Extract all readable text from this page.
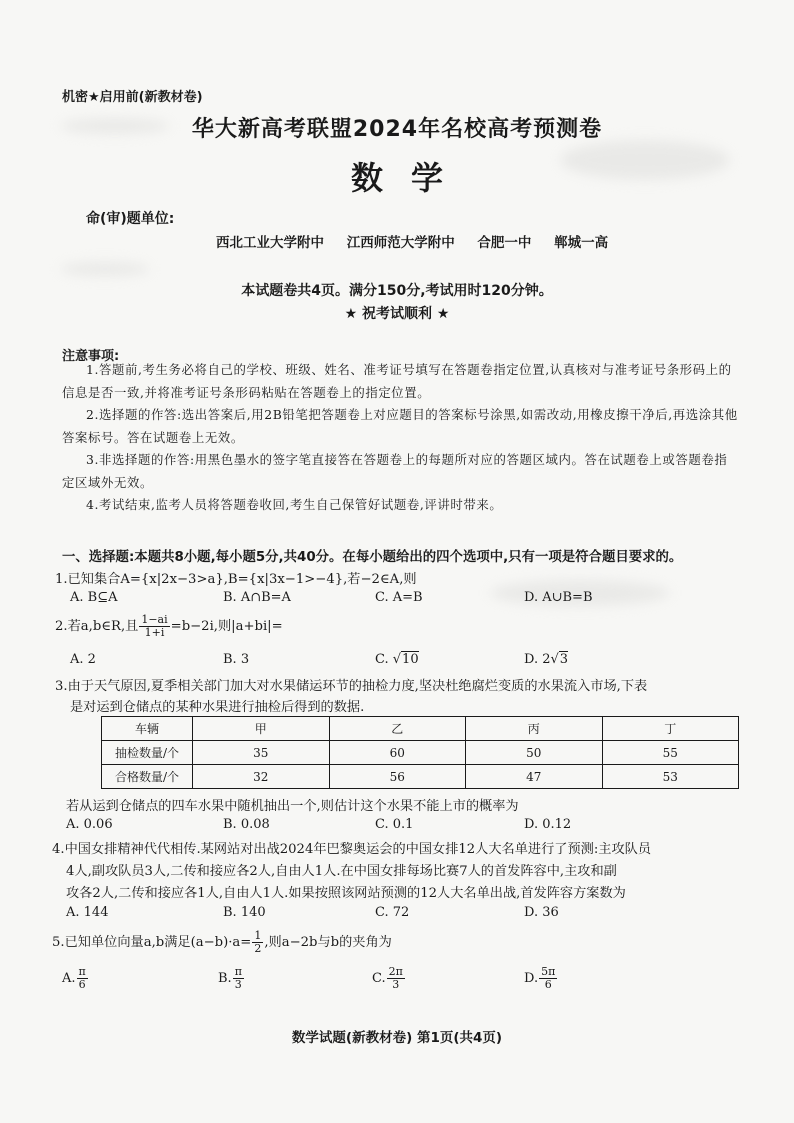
机密★启用前(新教材卷)
华大新高考联盟2024年名校高考预测卷
数学
命(审)题单位:
西北工业大学附中 江西师范大学附中 合肥一中 郸城一高
本试题卷共4页。满分150分,考试用时120分钟。
★ 祝考试顺利 ★
注意事项:
1.答题前,考生务必将自己的学校、班级、姓名、准考证号填写在答题卷指定位置,认真核对与准考证号条形码上的信息是否一致,并将准考证号条形码粘贴在答题卷上的指定位置。
2.选择题的作答:选出答案后,用2B铅笔把答题卷上对应题目的答案标号涂黑,如需改动,用橡皮擦干净后,再选涂其他答案标号。答在试题卷上无效。
3.非选择题的作答:用黑色墨水的签字笔直接答在答题卷上的每题所对应的答题区域内。答在试题卷上或答题卷指定区域外无效。
4.考试结束,监考人员将答题卷收回,考生自己保管好试题卷,评讲时带来。
一、选择题:本题共8小题,每小题5分,共40分。在每小题给出的四个选项中,只有一项是符合题目要求的。
1.已知集合A={x|2x−3>a},B={x|3x−1>−4},若−2∈A,则
A. B⊆A	B. A∩B=A	C. A=B	D. A∪B=B
2.若a,b∈R,且 $\frac{1-ai}{1+i} =b-2i$,则|a+bi|=
A. 2	B. 3	C. √10	D. 2√3
3.由于天气原因,夏季相关部门加大对水果储运环节的抽检力度,坚决杜绝腐烂变质的水果流入市场,下表
是对运到仓储点的某种水果进行抽检后得到的数据.
车辆	甲	乙	丙	丁
抽检数量/个	35	60	50	55
合格数量/个	32	56	47	53
若从运到仓储点的四车水果中随机抽出一个,则估计这个水果不能上市的概率为
A. 0.06	B. 0.08	C. 0.1	D. 0.12
4.中国女排精神代代相传.某网站对出战2024年巴黎奥运会的中国女排12人大名单进行了预测:主攻队员
4人,副攻队员3人,二传和接应各2人,自由人1人.在中国女排每场比赛7人的首发阵容中,主攻和副
攻各2人,二传和接应各1人,自由人1人.如果按照该网站预测的12人大名单出战,首发阵容方案数为
A. 144	B. 140	C. 72	D. 36
5.已知单位向量a,b满足$(a-b)\cdot a= \frac{1}{2}$ ,则a−2b与b的夹角为
A. $\frac{\pi}{6}$	B. $\frac{\pi}{3}$	C. $\frac{2\pi}{3}$	D. $\frac{5\pi}{6}$
数学试题(新教材卷) 第1页(共4页)
